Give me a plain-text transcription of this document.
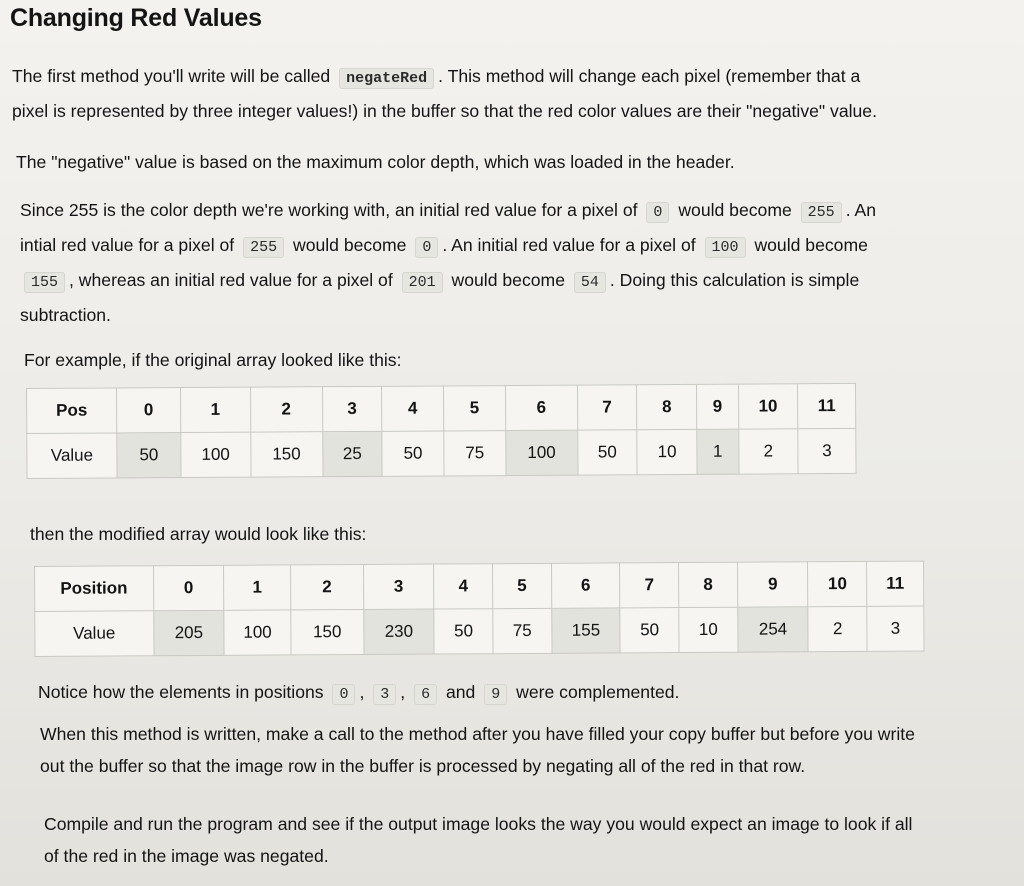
Changing Red Values

The first method you'll write will be called negateRed . This method will change each pixel (remember that a
pixel is represented by three integer values!) in the buffer so that the red color values are their "negative" value.

The "negative" value is based on the maximum color depth, which was loaded in the header.

Since 255 is the color depth we're working with, an initial red value for a pixel of 0 would become 255 . An
intial red value for a pixel of 255 would become 0 . An initial red value for a pixel of 100 would become
155 , whereas an initial red value for a pixel of 201 would become 54 . Doing this calculation is simple
subtraction.

For example, if the original array looked like this:

Pos	0	1	2	3	4	5	6	7	8	9	10	11
Value	50	100	150	25	50	75	100	50	10	1	2	3

then the modified array would look like this:

Position	0	1	2	3	4	5	6	7	8	9	10	11
Value	205	100	150	230	50	75	155	50	10	254	2	3

Notice how the elements in positions 0 , 3 , 6 and 9 were complemented.

When this method is written, make a call to the method after you have filled your copy buffer but before you write
out the buffer so that the image row in the buffer is processed by negating all of the red in that row.

Compile and run the program and see if the output image looks the way you would expect an image to look if all
of the red in the image was negated.
